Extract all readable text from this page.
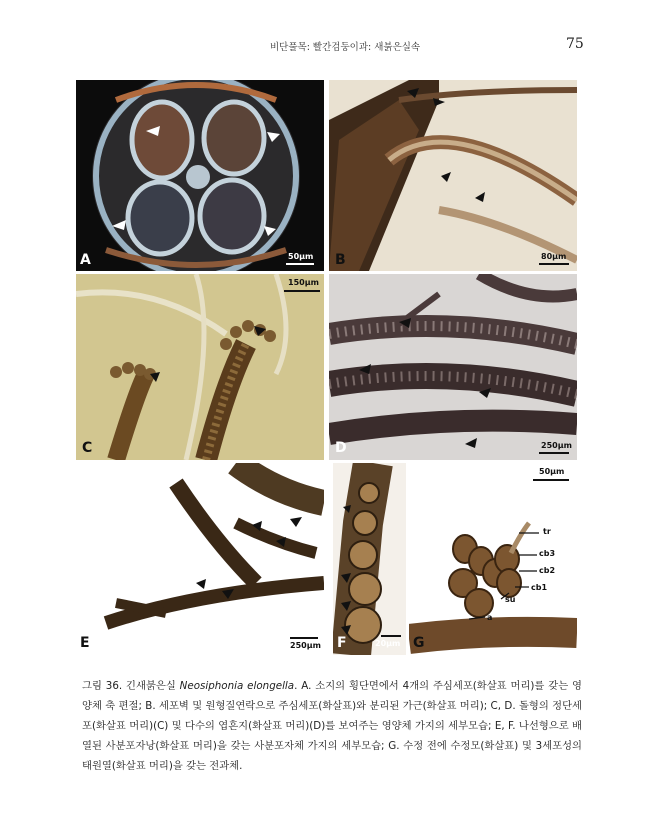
비단풀목: 빨간검둥이과: 새붉은실속	75
A	50μm B	80μm
C
150μm
D	250μm
E	250μm F	20μm
tr
cb3
cb2
cb1
su
a
G
50μm
그림 36. 긴새붉은실 Neosiphonia elongella. A. 소지의 횡단면에서 4개의 주심세포(화살표 머리)를 갖는 영양체 축 편절; B. 세포벽 및 원형질연락으로 주심세포(화살표)와 분리된 가근(화살표 머리); C, D. 돌형의 정단세포(화살표 머리)(C) 및 다수의 엽흔지(화살표 머리)(D)를 보여주는 영양체 가지의 세부모습; E, F. 나선형으로 배열된 사분포자낭(화살표 머리)을 갖는 사분포자체 가지의 세부모습; G. 수정 전에 수정모(화살표) 및 3세포성의 태원열(화살표 머리)을 갖는 전과체.
